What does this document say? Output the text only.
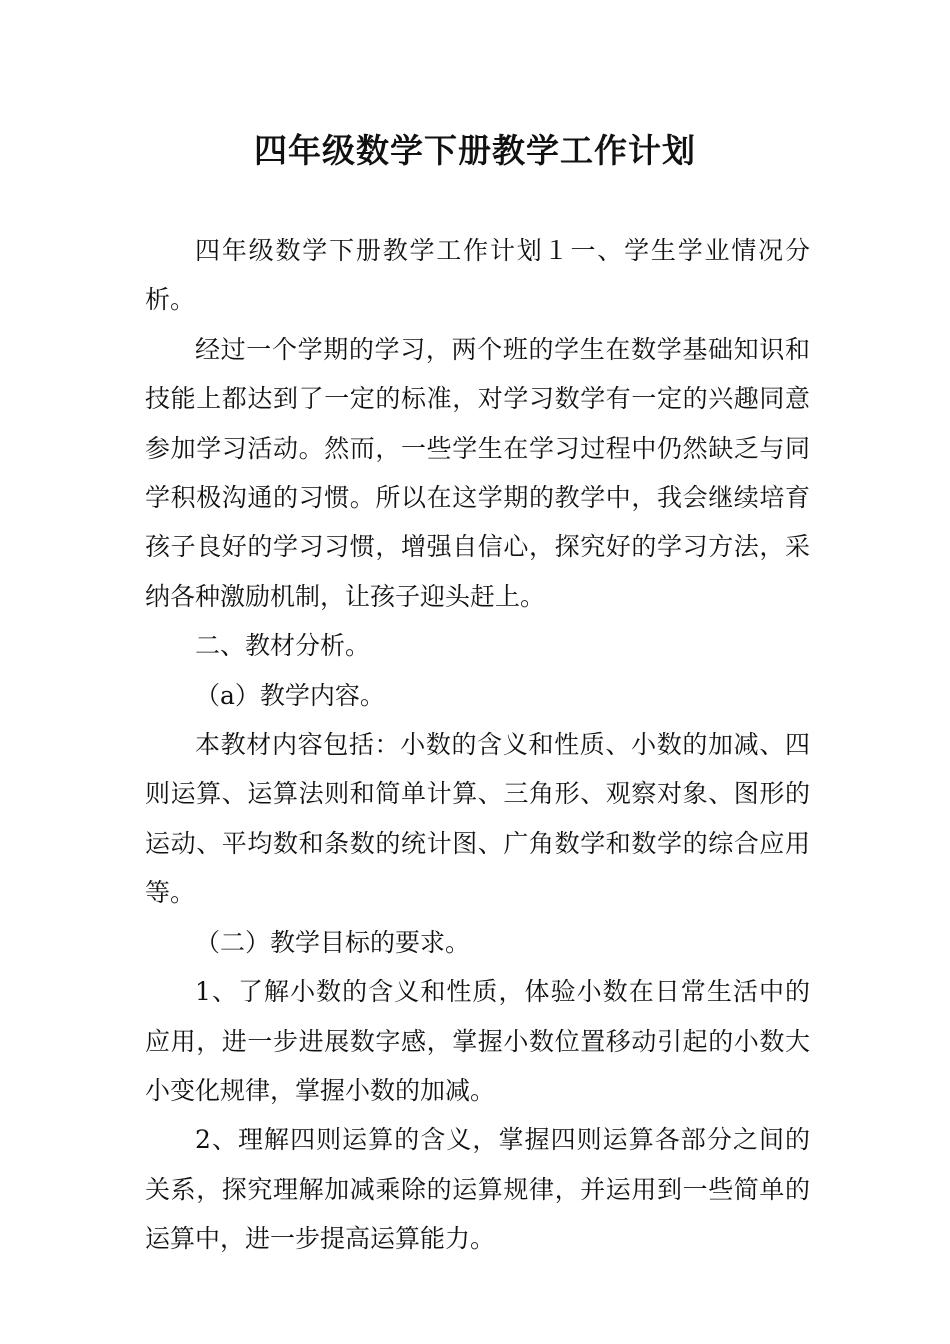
四年级数学下册教学工作计划

四年级数学下册教学工作计划１一、学生学业情况分析。

经过一个学期的学习，两个班的学生在数学基础知识和技能上都达到了一定的标准，对学习数学有一定的兴趣同意参加学习活动。然而，一些学生在学习过程中仍然缺乏与同学积极沟通的习惯。所以在这学期的教学中，我会继续培育孩子良好的学习习惯，增强自信心，探究好的学习方法，采纳各种激励机制，让孩子迎头赶上。

二、教材分析。

（a）教学内容。

本教材内容包括：小数的含义和性质、小数的加减、四则运算、运算法则和简单计算、三角形、观察对象、图形的运动、平均数和条数的统计图、广角数学和数学的综合应用等。

（二）教学目标的要求。

1、了解小数的含义和性质，体验小数在日常生活中的应用，进一步进展数字感，掌握小数位置移动引起的小数大小变化规律，掌握小数的加减。

2、理解四则运算的含义，掌握四则运算各部分之间的关系，探究理解加减乘除的运算规律，并运用到一些简单的运算中，进一步提高运算能力。
